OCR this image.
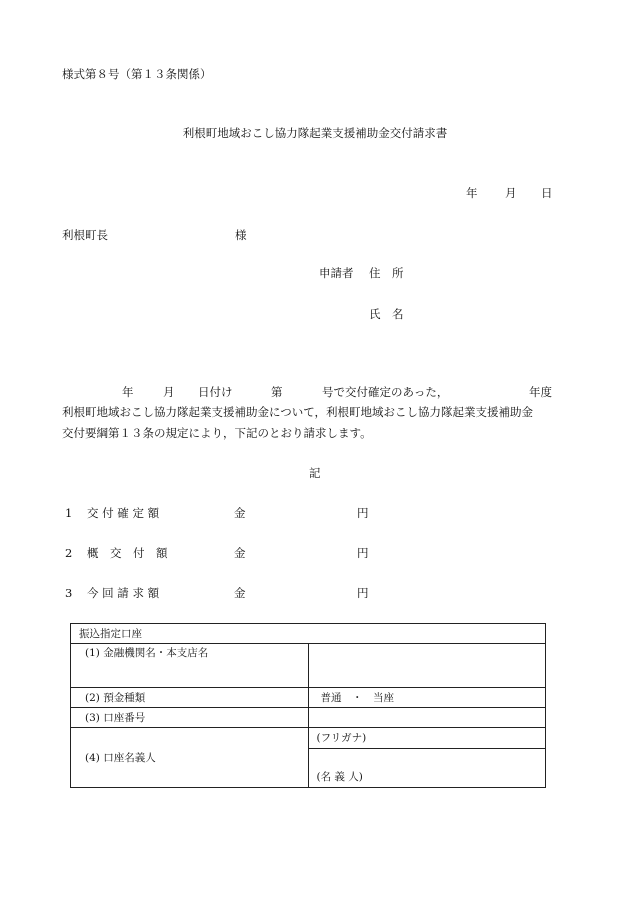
様式第８号（第１３条関係）
利根町地域おこし協力隊起業支援補助金交付請求書
年 月 日
利根町長	様
申請者 住　所
氏　名
年	月 日付け	第	号で交付確定のあった，	年度
利根町地域おこし協力隊起業支援補助金について，利根町地域おこし協力隊起業支援補助金
交付要綱第１３条の規定により，下記のとおり請求します。
記
1 交 付 確 定 額	金	円
2 概　交　付　額	金	円
3 今 回 請 求 額	金	円
振込指定口座	
(1) 金融機関名・本支店名	
(2) 預金種類	普通　・　当座
(3) 口座番号	
(4) 口座名義人	(フリガナ)
	(名 義 人)
